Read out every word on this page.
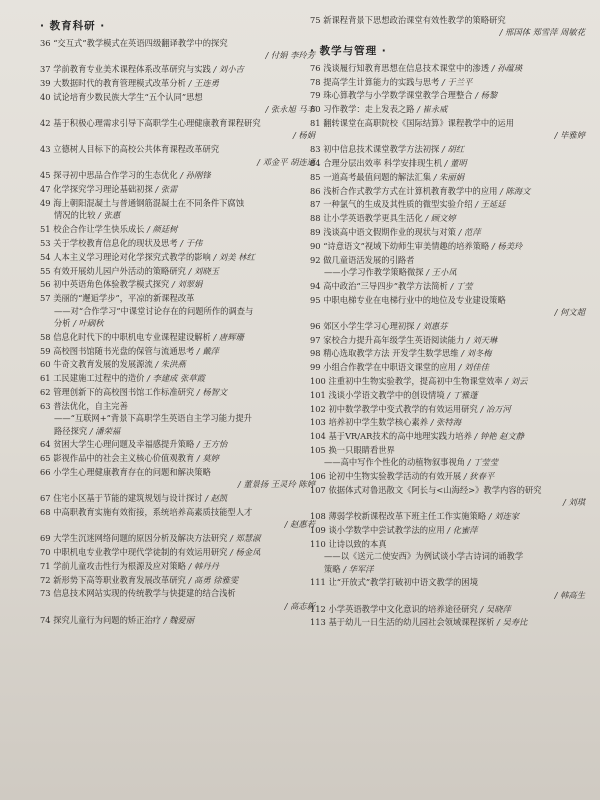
· 教育科研 ·
36 “交互式”教学模式在英语四级翻译教学中的探究
/ 付娟 李玲芳
37 学前教育专业美术课程体系改革研究与实践 / 刘小吉
39 大数据时代的教育管理模式改革分析 / 王连勇
40 试论培育少数民族大学生“五个认同”思想
/ 张永旭 马丰
42 基于积极心理需求引导下高职学生心理健康教育课程研究
/ 杨娟
43 立德树人目标下的高校公共体育课程改革研究
/ 邓金平 胡连通
45 探寻初中思品合作学习的生态优化 / 孙刚锋
47 化学探究学习理论基础初探 / 张雷
49 海上朝阳混凝土与普通钢筋混凝土在不同条件下腐蚀
情况的比较 / 张惠
51 校企合作让学生快乐成长 / 颜廷树
53 关于学校教育信息化的现状及思考 / 于伟
54 人本主义学习理论对化学探究式教学的影响 / 刘美 林红
55 有效开展幼儿园户外活动的策略研究 / 刘晓玉
56 初中英语角色体验教学模式探究 / 刘翠娟
57 美丽的“邂逅学步”，平凉的新课程改革
——对“合作学习”中课堂讨论存在的问题所作的调查与
分析 / 叶刷秋
58 信息化时代下的中职机电专业课程建设解析 / 唐辉珊
59 高校图书馆随书光盘的保管与流通思考 / 戴萍
60 牛奇文教育发展的发展源流 / 朱洪燕
61 工民建施工过程中的造价 / 李建成 张草霞
62 管理创新下的高校图书馆工作标准研究 / 杨智文
63 普法优化，自主完善
——“互联网+”背景下高职学生英语自主学习能力提升
路径探究 / 潘荣福
64 贫困大学生心理问题及幸福感提升策略 / 王方怡
65 影视作品中的社会主义核心价值观教育 / 莫婷
66 小学生心理健康教育存在的问题和解决策略
/ 董景扬 王灵玲 陈婷
67 住宅小区基于节能的建筑规划与设计探讨 / 赵凯
68 中高职教育实施有效衔接，系统培养高素质技能型人才
/ 赵惠若
69 大学生沉迷网络问题的原因分析及解决方法研究 / 郑慧淑
70 中职机电专业教学中现代学徒制的有效运用研究 / 杨金凤
71 学前儿童攻击性行为根源及应对策略 / 韩丹丹
72 新形势下高等职业教育发展改革研究 / 高勇 徐雅雯
73 信息技术网站实现的传统教学与快捷建的结合浅析
/ 高志新
74 探究儿童行为问题的矫正治疗 / 魏爱丽
75 新课程背景下思想政治课堂有效性教学的策略研究
/ 邢国体 郑雪萍 周敏花
· 教学与管理 ·
76 浅谈履行知教育思想在信息技术课堂中的渗透 / 孙蕴瑛
78 提高学生计算能力的实践与思考 / 于兰平
79 珠心算教学与小学数学课堂教学合理整合 / 杨黎
80 习作教学：走上发表之路 / 崔永威
81 翻转课堂在高职院校《国际结算》课程教学中的运用
/ 毕雅婷
83 初中信息技术课堂教学方法初探 / 胡红
84 合理分层出效率 科学安排现生机 / 董明
85 一道高考最值问题的解法汇集 / 朱丽娟
86 浅析合作式教学方式在计算机教育教学中的应用 / 陈海文
87 一种氯气的生成及其性质的微型实验介绍 / 王延廷
88 让小学英语教学更具生活化 / 顾文婷
89 浅谈高中语文假期作业的现状与对策 / 范萍
90 “诗意语文”视域下幼师生审美情趣的培养策略 / 杨美玲
92 做几童语活发展的引路者
——小学习作教学策略微探 / 王小凤
94 高中政治“三导四步”教学方法简析 / 丁莹
95 中职电梯专业在电梯行业中的地位及专业建设策略
/ 何文超
96 郊区小学生学习心理初探 / 刘惠芬
97 家校合力提升高年级学生英语阅读能力 / 刘天琳
98 精心选取教学方法 开发学生数学思维 / 刘冬梅
99 小组合作教学在中职语文课堂的应用 / 刘佳佳
100 注重初中生物实验教学，提高初中生物课堂效率 / 刘云
101 浅谈小学语文教学中的创设情境 / 丁雅蓬
102 初中数学教学中变式教学的有效运用研究 / 冶万河
103 培养初中学生数学核心素养 / 张特海
104 基于VR/AR技术的高中地理实践力培养 / 钟艳 赵文静
105 换一只眼睛看世界
——高中写作个性化的动植物叙事视角 / 丁莹莹
106 论初中生物实验教学活动的有效开展 / 狄春平
107 依据体式对鲁迅散文《阿长与<山海经>》教学内容的研究
/ 刘琪
108 薄弱学校新课程改革下班主任工作实施策略 / 刘连家
109 谈小学数学中尝试教学法的应用 / 化蜜萍
110 让诗以致的本真
——以《送元二使安西》为例试谈小学古诗词的诵教学
策略 / 华军洋
111 让“开放式”教学打破初中语文教学的困境
/ 韩高生
112 小学英语教学中文化意识的培养途径研究 / 吴晓萍
113 基于幼儿一日生活的幼儿园社会领域课程探析 / 吴寿比
